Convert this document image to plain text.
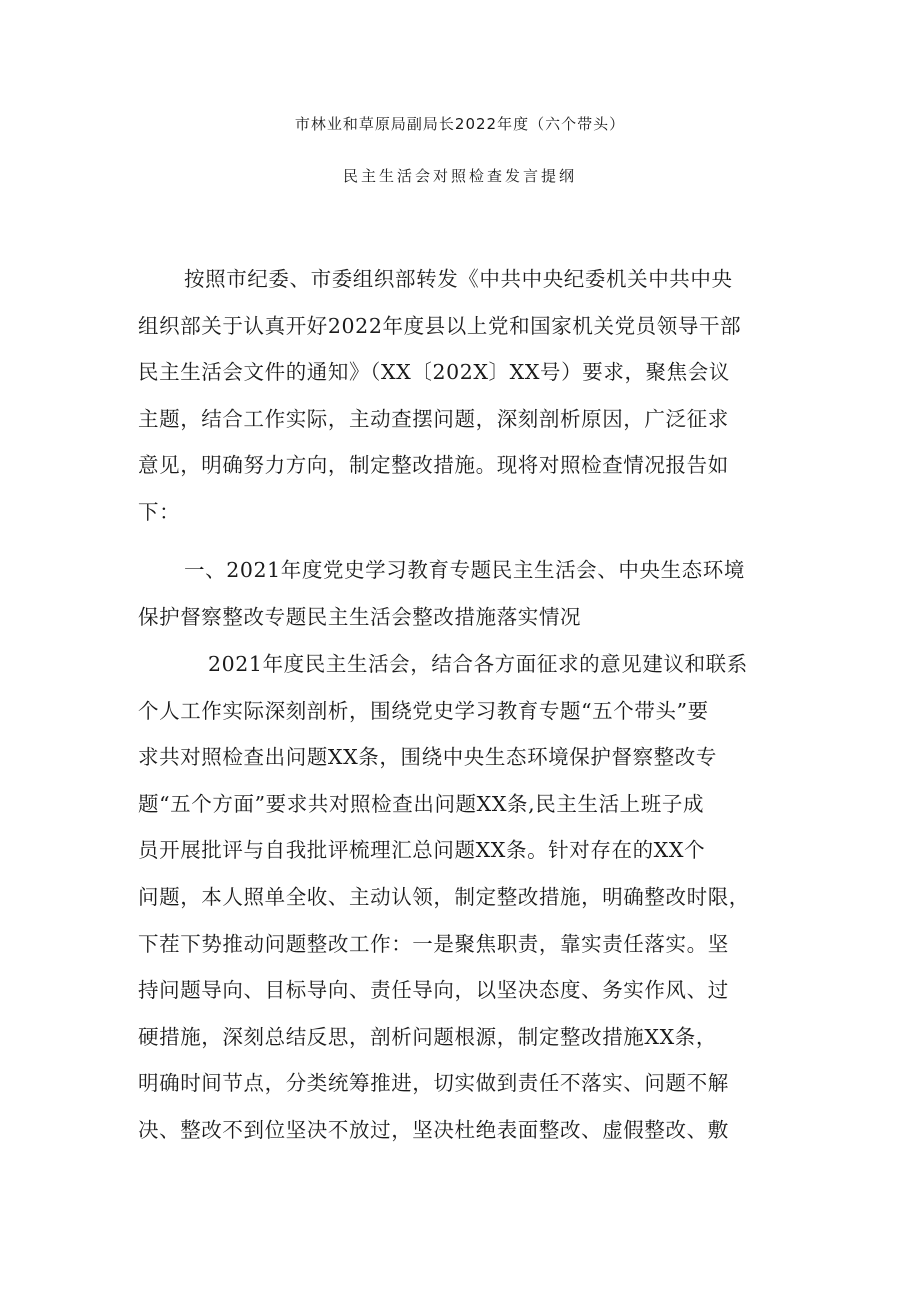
市林业和草原局副局长2022年度（六个带头）
民主生活会对照检查发言提纲
按照市纪委、市委组织部转发《中共中央纪委机关中共中央
组织部关于认真开好2022年度县以上党和国家机关党员领导干部
民主生活会文件的通知》（XX〔202X〕XX号）要求，聚焦会议
主题，结合工作实际，主动查摆问题，深刻剖析原因，广泛征求
意见，明确努力方向，制定整改措施。现将对照检查情况报告如
下：
一、2021年度党史学习教育专题民主生活会、中央生态环境
保护督察整改专题民主生活会整改措施落实情况
2021年度民主生活会，结合各方面征求的意见建议和联系
个人工作实际深刻剖析，围绕党史学习教育专题“五个带头”要
求共对照检查出问题XX条，围绕中央生态环境保护督察整改专
题“五个方面”要求共对照检查出问题XX条,民主生活上班子成
员开展批评与自我批评梳理汇总问题XX条。针对存在的XX个
问题，本人照单全收、主动认领，制定整改措施，明确整改时限，
下茬下势推动问题整改工作：一是聚焦职责，靠实责任落实。坚
持问题导向、目标导向、责任导向，以坚决态度、务实作风、过
硬措施，深刻总结反思，剖析问题根源，制定整改措施XX条，
明确时间节点，分类统筹推进，切实做到责任不落实、问题不解
决、整改不到位坚决不放过，坚决杜绝表面整改、虚假整改、敷
